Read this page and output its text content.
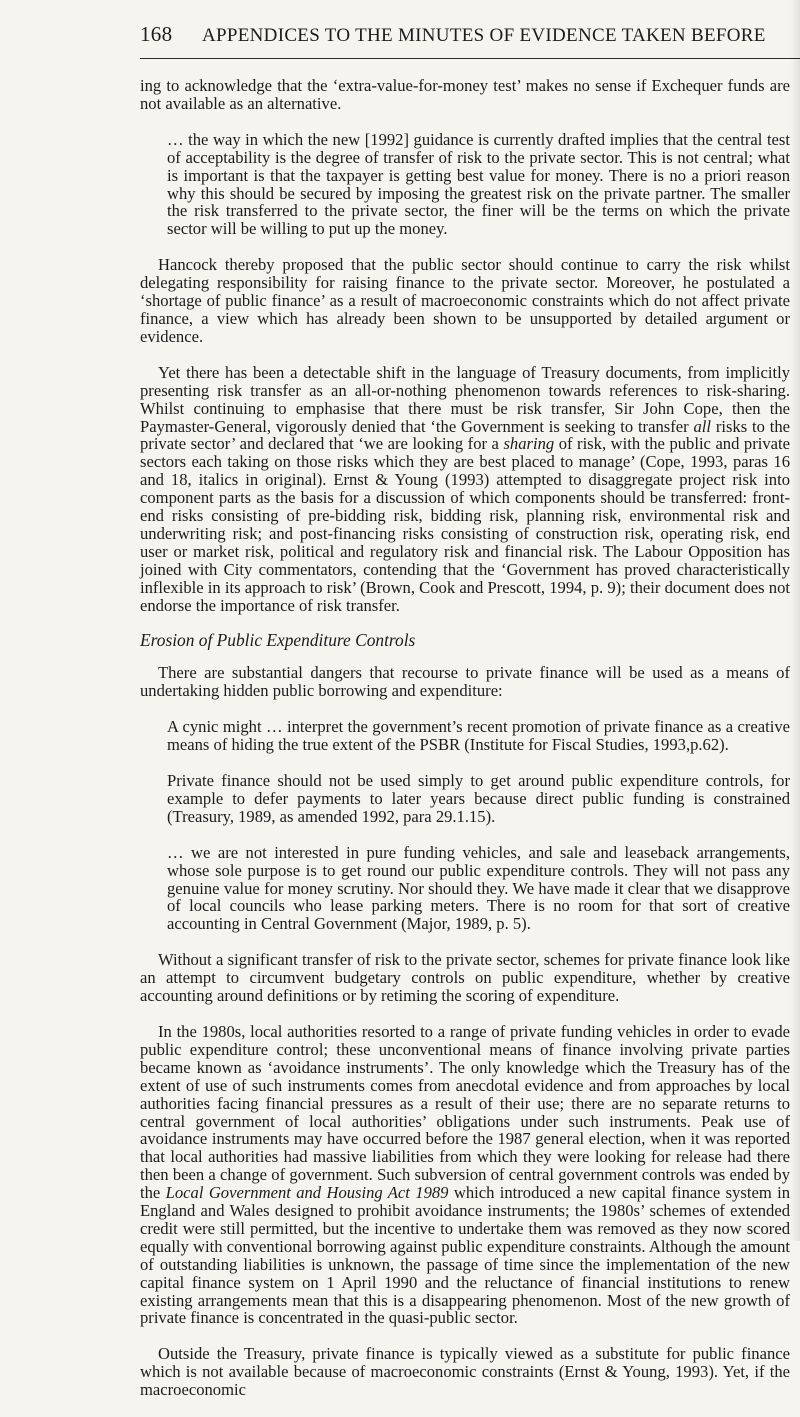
168	APPENDICES TO THE MINUTES OF EVIDENCE TAKEN BEFORE

ing to acknowledge that the ‘extra-value-for-money test’ makes no sense if Exchequer funds are not available as an alternative.

… the way in which the new [1992] guidance is currently drafted implies that the central test of acceptability is the degree of transfer of risk to the private sector. This is not central; what is important is that the taxpayer is getting best value for money. There is no a priori reason why this should be secured by imposing the greatest risk on the private partner. The smaller the risk transferred to the private sector, the finer will be the terms on which the private sector will be willing to put up the money.

Hancock thereby proposed that the public sector should continue to carry the risk whilst delegating responsibility for raising finance to the private sector. Moreover, he postulated a ‘shortage of public finance’ as a result of macroeconomic constraints which do not affect private finance, a view which has already been shown to be unsupported by detailed argument or evidence.

Yet there has been a detectable shift in the language of Treasury documents, from implicitly presenting risk transfer as an all-or-nothing phenomenon towards references to risk-sharing. Whilst continuing to emphasise that there must be risk transfer, Sir John Cope, then the Paymaster-General, vigorously denied that ‘the Government is seeking to transfer all risks to the private sector’ and declared that ‘we are looking for a sharing of risk, with the public and private sectors each taking on those risks which they are best placed to manage’ (Cope, 1993, paras 16 and 18, italics in original). Ernst & Young (1993) attempted to disaggregate project risk into component parts as the basis for a discussion of which components should be transferred: front-end risks consisting of pre-bidding risk, bidding risk, planning risk, environmental risk and underwriting risk; and post-financing risks consisting of construction risk, operating risk, end user or market risk, political and regulatory risk and financial risk. The Labour Opposition has joined with City commentators, contending that the ‘Government has proved characteristically inflexible in its approach to risk’ (Brown, Cook and Prescott, 1994, p. 9); their document does not endorse the importance of risk transfer.

Erosion of Public Expenditure Controls

There are substantial dangers that recourse to private finance will be used as a means of undertaking hidden public borrowing and expenditure:

A cynic might … interpret the government’s recent promotion of private finance as a creative means of hiding the true extent of the PSBR (Institute for Fiscal Studies, 1993,p.62).

Private finance should not be used simply to get around public expenditure controls, for example to defer payments to later years because direct public funding is constrained (Treasury, 1989, as amended 1992, para 29.1.15).

… we are not interested in pure funding vehicles, and sale and leaseback arrangements, whose sole purpose is to get round our public expenditure controls. They will not pass any genuine value for money scrutiny. Nor should they. We have made it clear that we disapprove of local councils who lease parking meters. There is no room for that sort of creative accounting in Central Government (Major, 1989, p. 5).

Without a significant transfer of risk to the private sector, schemes for private finance look like an attempt to circumvent budgetary controls on public expenditure, whether by creative accounting around definitions or by retiming the scoring of expenditure.

In the 1980s, local authorities resorted to a range of private funding vehicles in order to evade public expenditure control; these unconventional means of finance involving private parties became known as ‘avoidance instruments’. The only knowledge which the Treasury has of the extent of use of such instruments comes from anecdotal evidence and from approaches by local authorities facing financial pressures as a result of their use; there are no separate returns to central government of local authorities’ obligations under such instruments. Peak use of avoidance instruments may have occurred before the 1987 general election, when it was reported that local authorities had massive liabilities from which they were looking for release had there then been a change of government. Such subversion of central government controls was ended by the Local Government and Housing Act 1989 which introduced a new capital finance system in England and Wales designed to prohibit avoidance instruments; the 1980s’ schemes of extended credit were still permitted, but the incentive to undertake them was removed as they now scored equally with conventional borrowing against public expenditure constraints. Although the amount of outstanding liabilities is unknown, the passage of time since the implementation of the new capital finance system on 1 April 1990 and the reluctance of financial institutions to renew existing arrangements mean that this is a disappearing phenomenon. Most of the new growth of private finance is concentrated in the quasi-public sector.

Outside the Treasury, private finance is typically viewed as a substitute for public finance which is not available because of macroeconomic constraints (Ernst & Young, 1993). Yet, if the macroeconomic
